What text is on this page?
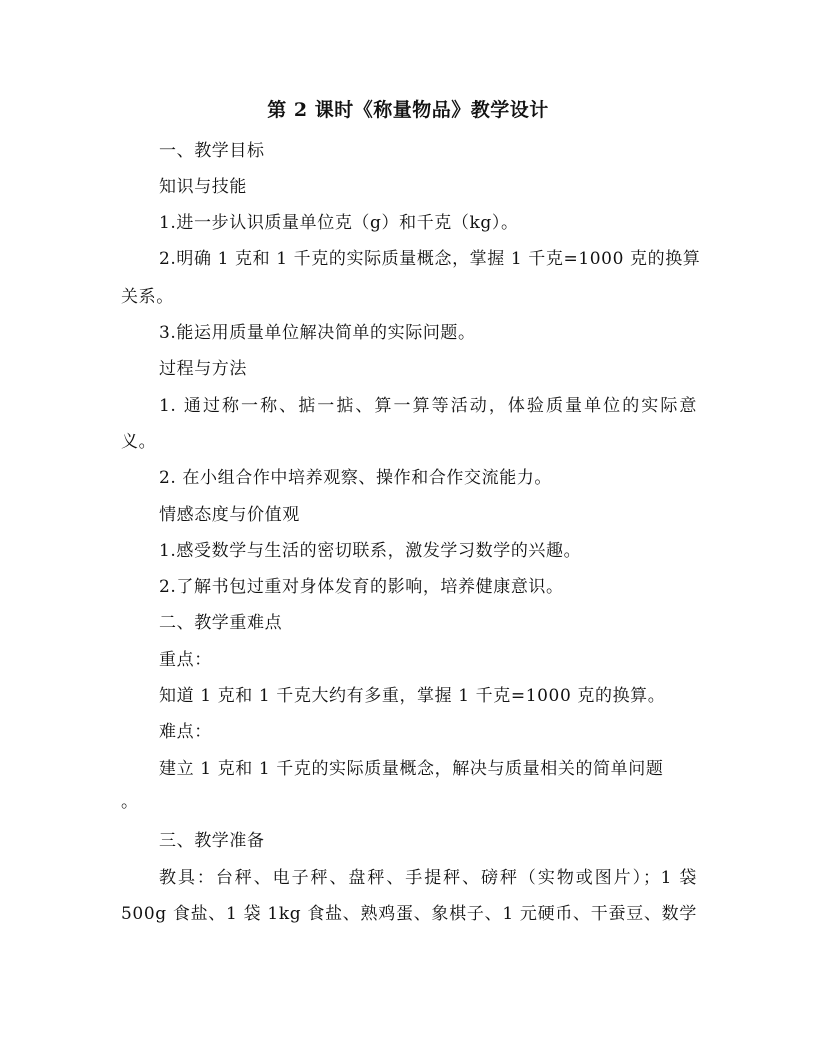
第 2 课时《称量物品》教学设计
一、教学目标
知识与技能
1.进一步认识质量单位克（g）和千克（kg）。
2.明确 1 克和 1 千克的实际质量概念，掌握 1 千克=1000 克的换算
关系。
3.能运用质量单位解决简单的实际问题。
过程与方法
1. 通过称一称、掂一掂、算一算等活动，体验质量单位的实际意
义。
2. 在小组合作中培养观察、操作和合作交流能力。
情感态度与价值观
1.感受数学与生活的密切联系，激发学习数学的兴趣。
2.了解书包过重对身体发育的影响，培养健康意识。
二、教学重难点
重点：
知道 1 克和 1 千克大约有多重，掌握 1 千克=1000 克的换算。
难点：
建立 1 克和 1 千克的实际质量概念，解决与质量相关的简单问题
。
三、教学准备
教具：台秤、电子秤、盘秤、手提秤、磅秤（实物或图片）；1 袋
500g 食盐、1 袋 1kg 食盐、熟鸡蛋、象棋子、1 元硬币、干蚕豆、数学
